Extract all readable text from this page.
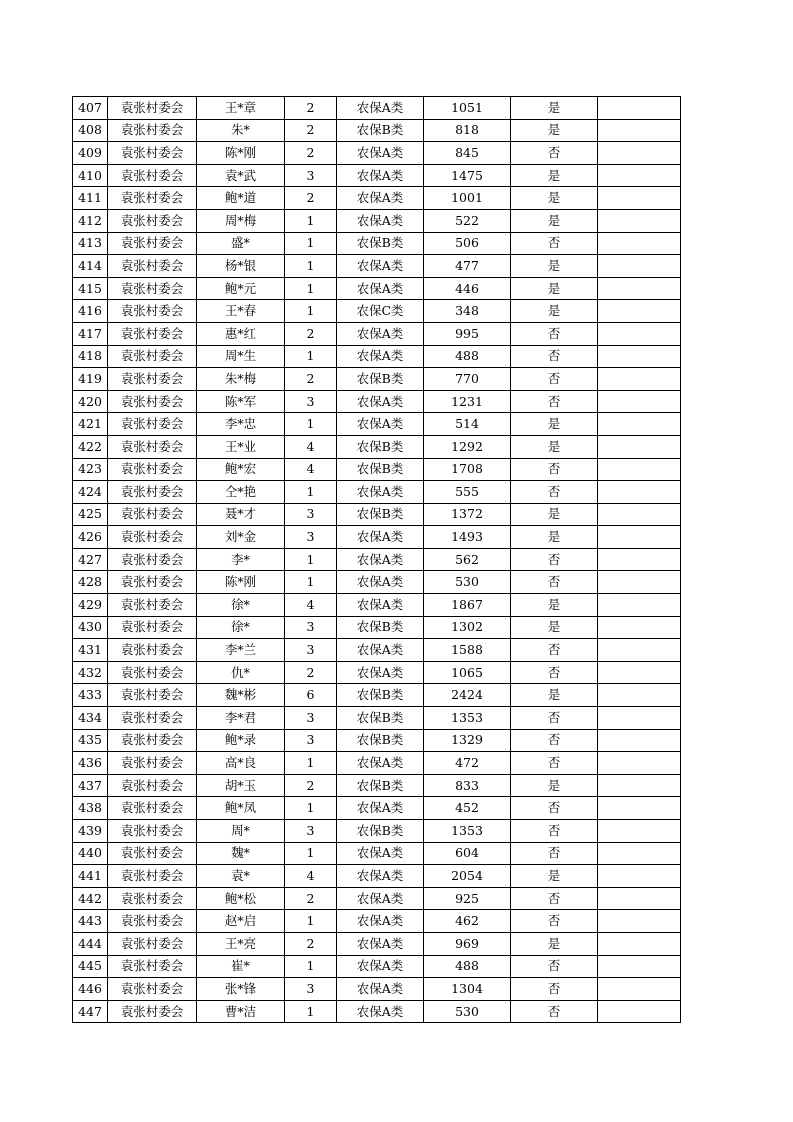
407	袁张村委会	王*章	2	农保A类	1051	是	
408	袁张村委会	朱*	2	农保B类	818	是	
409	袁张村委会	陈*刚	2	农保A类	845	否	
410	袁张村委会	袁*武	3	农保A类	1475	是	
411	袁张村委会	鲍*道	2	农保A类	1001	是	
412	袁张村委会	周*梅	1	农保A类	522	是	
413	袁张村委会	盛*	1	农保B类	506	否	
414	袁张村委会	杨*银	1	农保A类	477	是	
415	袁张村委会	鲍*元	1	农保A类	446	是	
416	袁张村委会	王*春	1	农保C类	348	是	
417	袁张村委会	惠*红	2	农保A类	995	否	
418	袁张村委会	周*生	1	农保A类	488	否	
419	袁张村委会	朱*梅	2	农保B类	770	否	
420	袁张村委会	陈*军	3	农保A类	1231	否	
421	袁张村委会	李*忠	1	农保A类	514	是	
422	袁张村委会	王*业	4	农保B类	1292	是	
423	袁张村委会	鲍*宏	4	农保B类	1708	否	
424	袁张村委会	仝*艳	1	农保A类	555	否	
425	袁张村委会	聂*才	3	农保B类	1372	是	
426	袁张村委会	刘*金	3	农保A类	1493	是	
427	袁张村委会	李*	1	农保A类	562	否	
428	袁张村委会	陈*刚	1	农保A类	530	否	
429	袁张村委会	徐*	4	农保A类	1867	是	
430	袁张村委会	徐*	3	农保B类	1302	是	
431	袁张村委会	李*兰	3	农保A类	1588	否	
432	袁张村委会	仇*	2	农保A类	1065	否	
433	袁张村委会	魏*彬	6	农保B类	2424	是	
434	袁张村委会	李*君	3	农保B类	1353	否	
435	袁张村委会	鲍*录	3	农保B类	1329	否	
436	袁张村委会	高*良	1	农保A类	472	否	
437	袁张村委会	胡*玉	2	农保B类	833	是	
438	袁张村委会	鲍*凤	1	农保A类	452	否	
439	袁张村委会	周*	3	农保B类	1353	否	
440	袁张村委会	魏*	1	农保A类	604	否	
441	袁张村委会	袁*	4	农保A类	2054	是	
442	袁张村委会	鲍*松	2	农保A类	925	否	
443	袁张村委会	赵*启	1	农保A类	462	否	
444	袁张村委会	王*亮	2	农保A类	969	是	
445	袁张村委会	崔*	1	农保A类	488	否	
446	袁张村委会	张*锋	3	农保A类	1304	否	
447	袁张村委会	曹*洁	1	农保A类	530	否	
